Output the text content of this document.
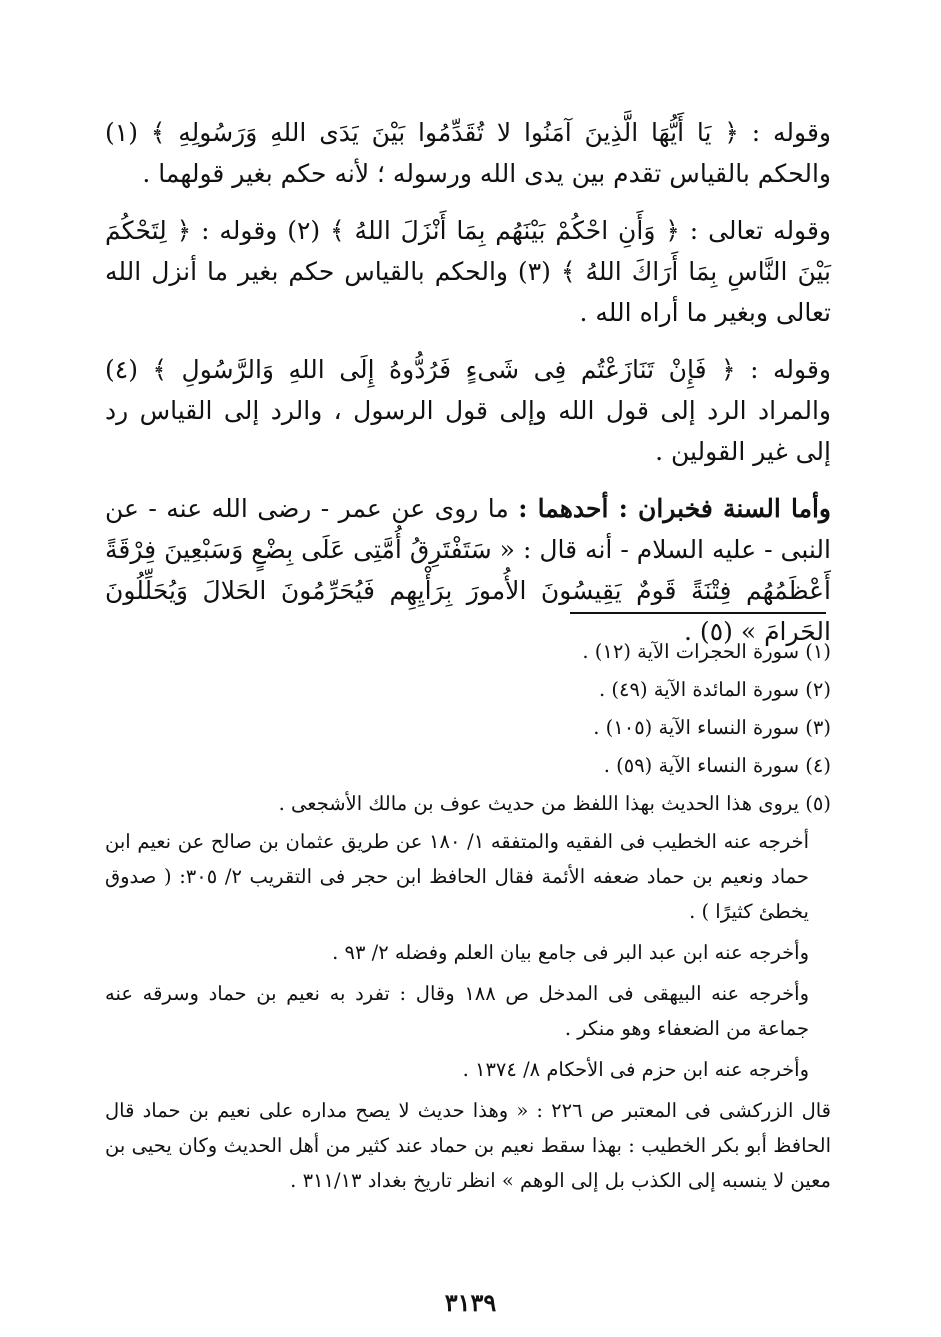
وقوله : ﴿ يَا أَيُّهَا الَّذِينَ آمَنُوا لا تُقَدِّمُوا بَيْنَ يَدَى اللهِ وَرَسُولِهِ ﴾ (١) والحكم بالقياس تقدم بين يدى الله ورسوله ؛ لأنه حكم بغير قولهما .

وقوله تعالى : ﴿ وَأَنِ احْكُمْ بَيْنَهُم بِمَا أَنْزَلَ اللهُ ﴾ (٢) وقوله : ﴿ لِتَحْكُمَ بَيْنَ النَّاسِ بِمَا أَرَاكَ اللهُ ﴾ (٣) والحكم بالقياس حكم بغير ما أنزل الله تعالى وبغير ما أراه الله .

وقوله : ﴿ فَإِنْ تَنَازَعْتُم فِى شَىءٍ فَرُدُّوهُ إِلَى اللهِ وَالرَّسُولِ ﴾ (٤) والمراد الرد إلى قول الله وإلى قول الرسول ، والرد إلى القياس رد إلى غير القولين .

وأما السنة فخبران : أحدهما : ما روى عن عمر - رضى الله عنه - عن النبى - عليه السلام - أنه قال : « سَتَفْتَرِقُ أُمَّتِى عَلَى بِضْعٍ وَسَبْعِينَ فِرْقَةً أَعْظَمُهُم فِتْنَةً قَومٌ يَقِيسُونَ الأُمورَ بِرَأْيِهِم فَيُحَرِّمُونَ الحَلالَ وَيُحَلِّلُونَ الحَرامَ » (٥) .

(١) سورة الحجرات الآية (١٢) .
(٢) سورة المائدة الآية (٤٩) .
(٣) سورة النساء الآية (١٠٥) .
(٤) سورة النساء الآية (٥٩) .
(٥) يروى هذا الحديث بهذا اللفظ من حديث عوف بن مالك الأشجعى .
أخرجه عنه الخطيب فى الفقيه والمتفقه ١/ ١٨٠ عن طريق عثمان بن صالح عن نعيم ابن حماد ونعيم بن حماد ضعفه الأئمة فقال الحافظ ابن حجر فى التقريب ٢/ ٣٠٥: ( صدوق يخطئ كثيرًا ) .
وأخرجه عنه ابن عبد البر فى جامع بيان العلم وفضله ٢/ ٩٣ .
وأخرجه عنه البيهقى فى المدخل ص ١٨٨ وقال : تفرد به نعيم بن حماد وسرقه عنه جماعة من الضعفاء وهو منكر .
وأخرجه عنه ابن حزم فى الأحكام ٨/ ١٣٧٤ .
قال الزركشى فى المعتبر ص ٢٢٦ : « وهذا حديث لا يصح مداره على نعيم بن حماد قال الحافظ أبو بكر الخطيب : بهذا سقط نعيم بن حماد عند كثير من أهل الحديث وكان يحيى بن معين لا ينسبه إلى الكذب بل إلى الوهم » انظر تاريخ بغداد ٣١١/١٣ .
٣١٣٩
